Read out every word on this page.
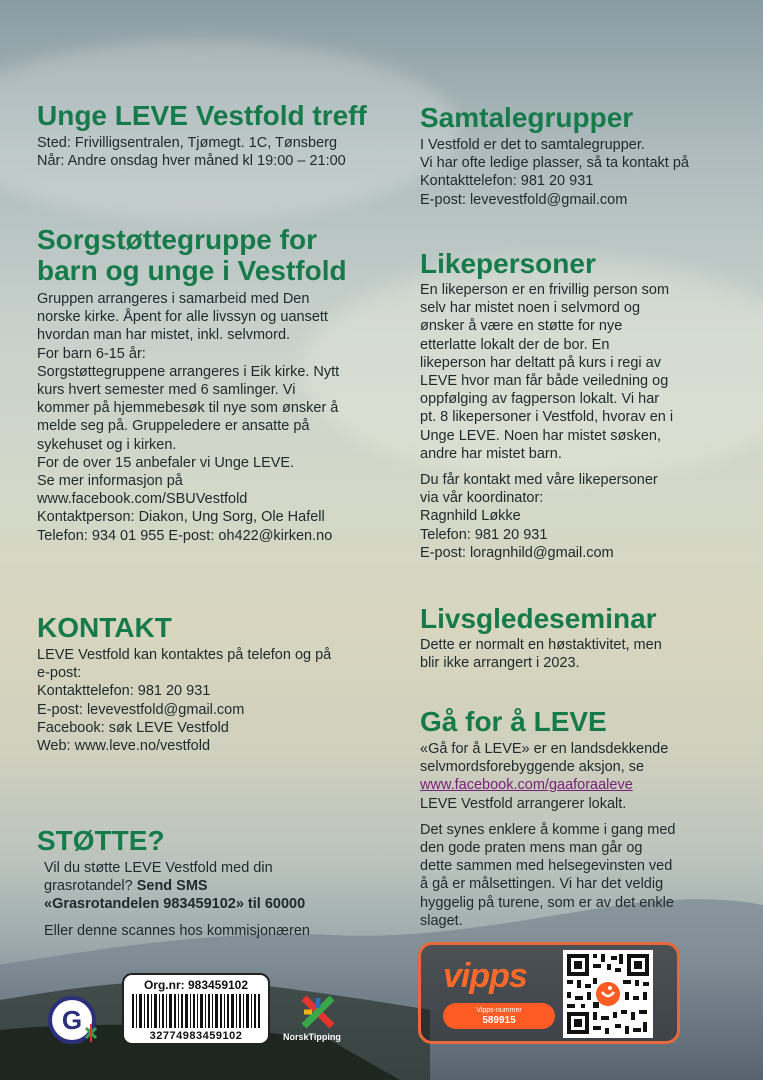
Unge LEVE Vestfold treff

Sted: Frivilligsentralen, Tjømegt. 1C, Tønsberg

Når: Andre onsdag hver måned kl 19:00 – 21:00

Sorgstøttegruppe for
barn og unge i Vestfold

Gruppen arrangeres i samarbeid med Den

norske kirke. Åpent for alle livssyn og uansett

hvordan man har mistet, inkl. selvmord.

For barn 6-15 år:

Sorgstøttegruppene arrangeres i Eik kirke. Nytt

kurs hvert semester med 6 samlinger. Vi

kommer på hjemmebesøk til nye som ønsker å

melde seg på. Gruppeledere er ansatte på

sykehuset og i kirken.

For de over 15 anbefaler vi Unge LEVE.

Se mer informasjon på

www.facebook.com/SBUVestfold

Kontaktperson: Diakon, Ung Sorg, Ole Hafell

Telefon: 934 01 955 E-post: oh422@kirken.no

KONTAKT

LEVE Vestfold kan kontaktes på telefon og på

e-post:

Kontakttelefon: 981 20 931

E-post: levevestfold@gmail.com

Facebook: søk LEVE Vestfold

Web: www.leve.no/vestfold

STØTTE?

Vil du støtte LEVE Vestfold med din

grasrotandel? Send SMS

«Grasrotandelen 983459102» til 60000

Eller denne scannes hos kommisjonæren

Samtalegrupper

I Vestfold er det to samtalegrupper.

Vi har ofte ledige plasser, så ta kontakt på

Kontakttelefon: 981 20 931

E-post: levevestfold@gmail.com

Likepersoner

En likeperson er en frivillig person som

selv har mistet noen i selvmord og

ønsker å være en støtte for nye

etterlatte lokalt der de bor. En

likeperson har deltatt på kurs i regi av

LEVE hvor man får både veiledning og

oppfølging av fagperson lokalt. Vi har

pt. 8 likepersoner i Vestfold, hvorav en i

Unge LEVE. Noen har mistet søsken,

andre har mistet barn.

Du får kontakt med våre likepersoner

via vår koordinator:

Ragnhild Løkke

Telefon: 981 20 931

E-post: loragnhild@gmail.com

Livsgledeseminar

Dette er normalt en høstaktivitet, men

blir ikke arrangert i 2023.

Gå for å LEVE

«Gå for å LEVE» er en landsdekkende

selvmordsforebyggende aksjon, se

www.facebook.com/gaaforaaleve

LEVE Vestfold arrangerer lokalt.

Det synes enklere å komme i gang med

den gode praten mens man går og

dette sammen med helsegevinsten ved

å gå er målsettingen. Vi har det veldig

hyggelig på turene, som er av det enkle

slaget.

G
Org.nr: 983459102
32774983459102	NorskTipping
vipps
Vipps-nummer
589915
